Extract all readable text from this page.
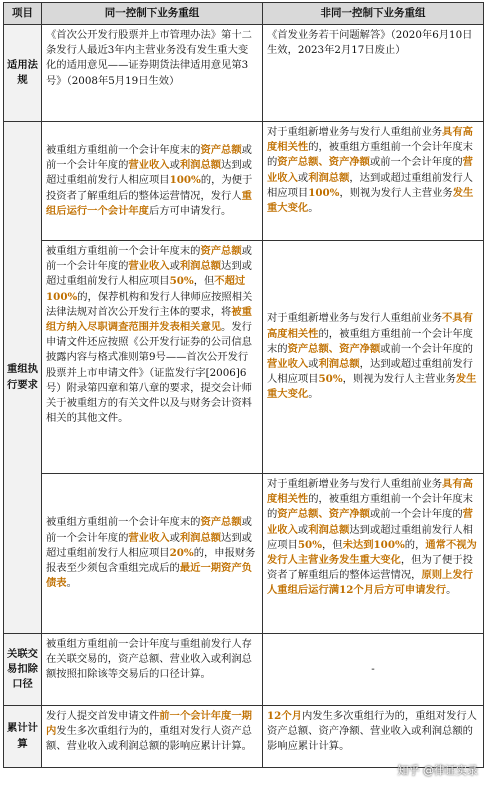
项目	同一控制下业务重组	非同一控制下业务重组
适用法规	《首次公开发行股票并上市管理办法》第十二条发行人最近3年内主营业务没有发生重大变化的适用意见——证券期货法律适用意见第3号》（2008年5月19日生效）	《首发业务若干问题解答》（2020年6月10日生效，2023年2月17日废止）
重组执行要求	被重组方重组前一个会计年度末的资产总额或前一个会计年度的营业收入或利润总额达到或超过重组前发行人相应项目100%的，为便于投资者了解重组后的整体运营情况，发行人重组后运行一个会计年度后方可申请发行。	对于重组新增业务与发行人重组前业务具有高度相关性的，被重组方重组前一个会计年度末的资产总额、资产净额或前一个会计年度的营业收入或利润总额，达到或超过重组前发行人相应项目100%，则视为发行人主营业务发生重大变化。
	被重组方重组前一个会计年度末的资产总额或前一个会计年度的营业收入或利润总额达到或超过重组前发行人相应项目50%，但不超过100%的，保荐机构和发行人律师应按照相关法律法规对首次公开发行主体的要求，将被重组方纳入尽职调查范围并发表相关意见。发行申请文件还应按照《公开发行证券的公司信息披露内容与格式准则第9号——首次公开发行股票并上市申请文件》（证监发行字[2006]6号）附录第四章和第八章的要求，提交会计师关于被重组方的有关文件以及与财务会计资料相关的其他文件。	对于重组新增业务与发行人重组前业务不具有高度相关性的，被重组方重组前一个会计年度末的资产总额、资产净额或前一个会计年度的营业收入或利润总额，达到或超过重组前发行人相应项目50%，则视为发行人主营业务发生重大变化。
	被重组方重组前一个会计年度末的资产总额或前一个会计年度的营业收入或利润总额达到或超过重组前发行人相应项目20%的，申报财务报表至少须包含重组完成后的最近一期资产负债表。	对于重组新增业务与发行人重组前业务具有高度相关性的，被重组方重组前一个会计年度末的资产总额、资产净额或前一个会计年度的营业收入或利润总额达到或超过重组前发行人相应项目50%，但未达到100%的，通常不视为发行人主营业务发生重大变化，但为了便于投资者了解重组后的整体运营情况，原则上发行人重组后运行满12个月后方可申请发行。
关联交易扣除口径	被重组方重组前一会计年度与重组前发行人存在关联交易的，资产总额、营业收入或利润总额按照扣除该等交易后的口径计算。	-
累计计算	发行人提交首发申请文件前一个会计年度一期内发生多次重组行为的，重组对发行人资产总额、营业收入或利润总额的影响应累计计算。	12个月内发生多次重组行为的，重组对发行人资产总额、资产净额、营业收入或利润总额的影响应累计计算。
知乎 @律证实录
